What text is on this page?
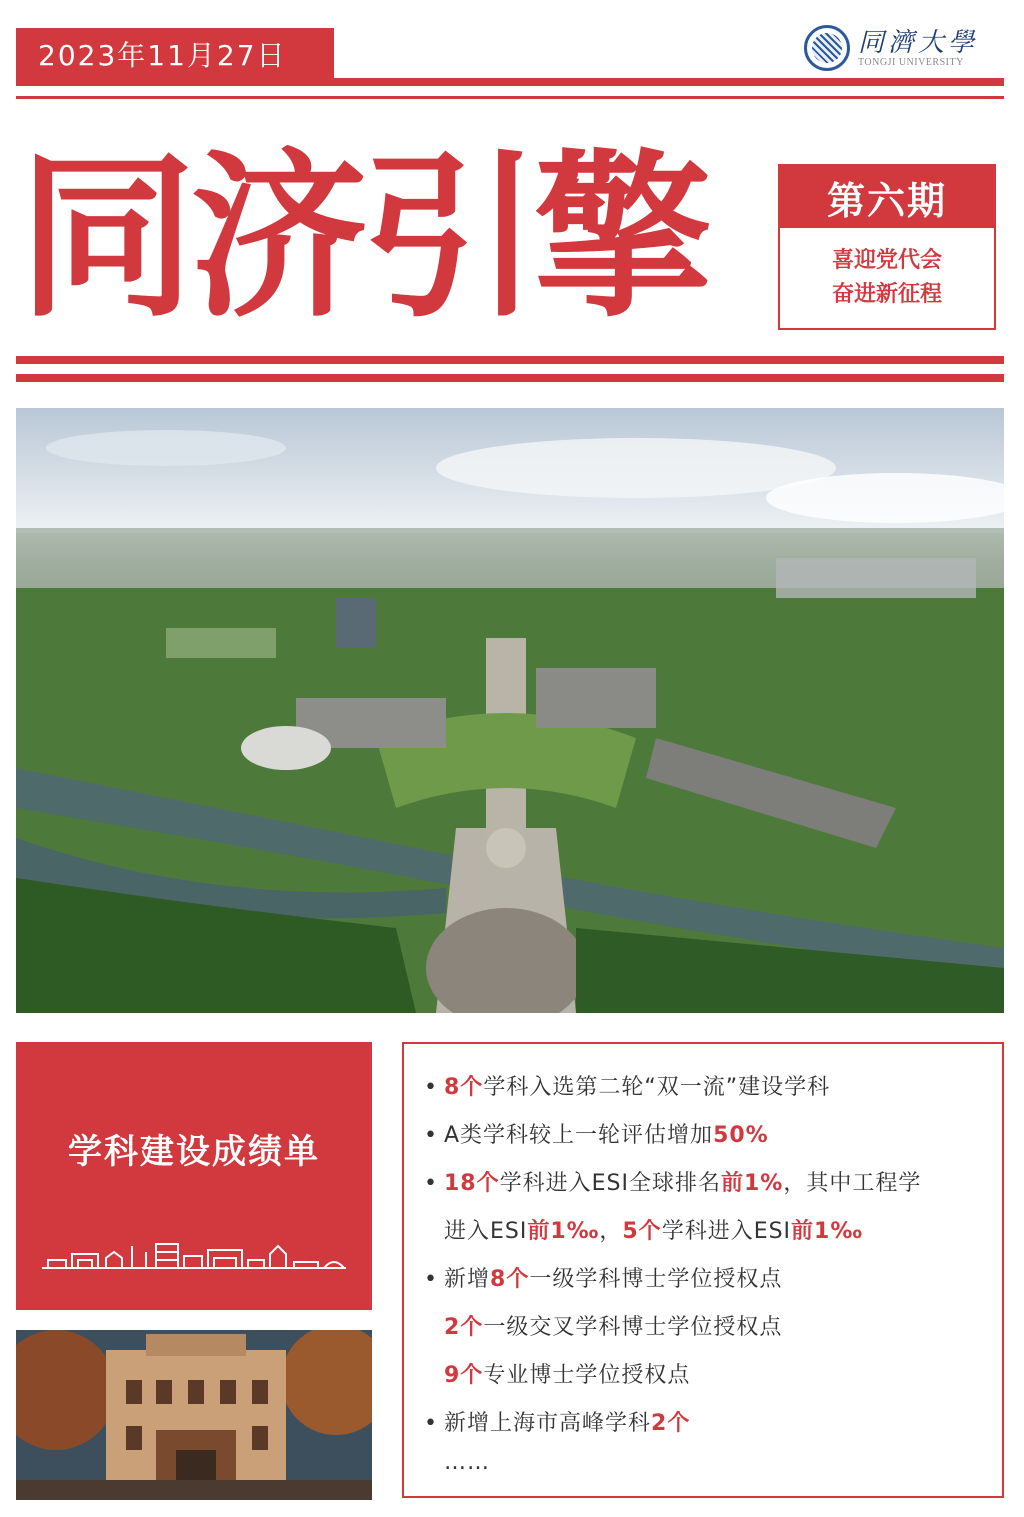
2023年11月27日	同濟大學
TONGJI UNIVERSITY
同济引擎	第六期
喜迎党代会
奋进新征程
学科建设成绩单
• 8个学科入选第二轮“双一流”建设学科
• A类学科较上一轮评估增加50%
• 18个学科进入ESI全球排名前1%，其中工程学
进入ESI前1‰，5个学科进入ESI前1‰
• 新增8个一级学科博士学位授权点
2个一级交叉学科博士学位授权点
9个专业博士学位授权点
• 新增上海市高峰学科2个
……
